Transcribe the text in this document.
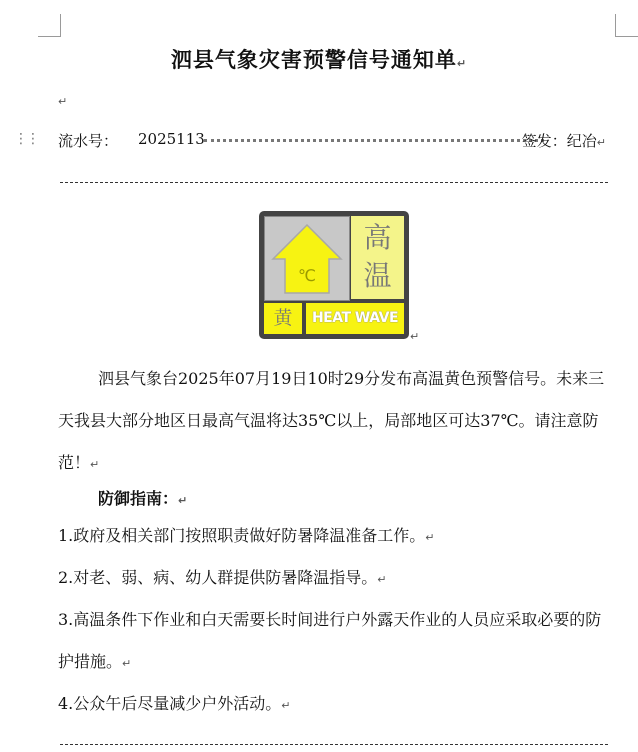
泗县气象灾害预警信号通知单↵
↵
⋮⋮ 流水号： 2025113	签发：纪冶↵
℃
高
温
黄	HEAT WAVE
↵
泗县气象台2025年07月19日10时29分发布高温黄色预警信号。未来三天我县大部分地区日最高气温将达35℃以上，局部地区可达37℃。请注意防范！↵
防御指南：↵
1.政府及相关部门按照职责做好防暑降温准备工作。↵
2.对老、弱、病、幼人群提供防暑降温指导。↵
3.高温条件下作业和白天需要长时间进行户外露天作业的人员应采取必要的防护措施。↵
4.公众午后尽量减少户外活动。↵
